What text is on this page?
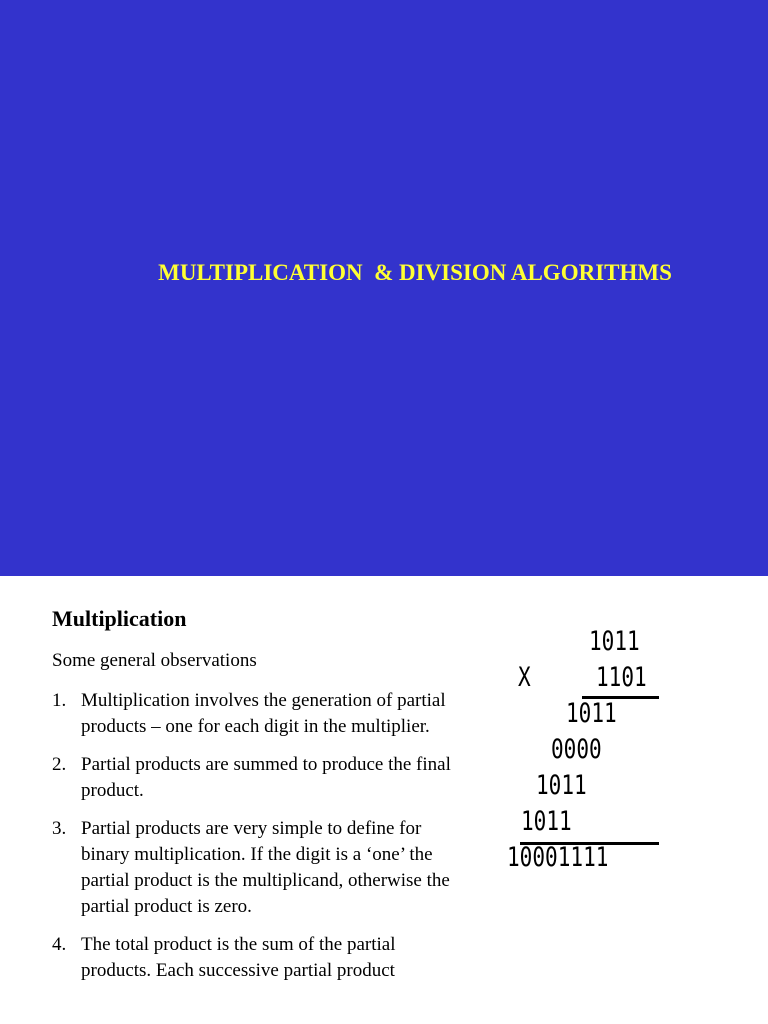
MULTIPLICATION  & DIVISION ALGORITHMS
Multiplication
Some general observations
1. Multiplication involves the generation of partial products – one for each digit in the multiplier.
2. Partial products are summed to produce the final product.
3. Partial products are very simple to define for binary multiplication. If the digit is a ‘one’ the partial product is the multiplicand, otherwise the partial product is zero.
4. The total product is the sum of the partial products. Each successive partial product
1011
X 1101
1011
0000
1011
1011
10001111
